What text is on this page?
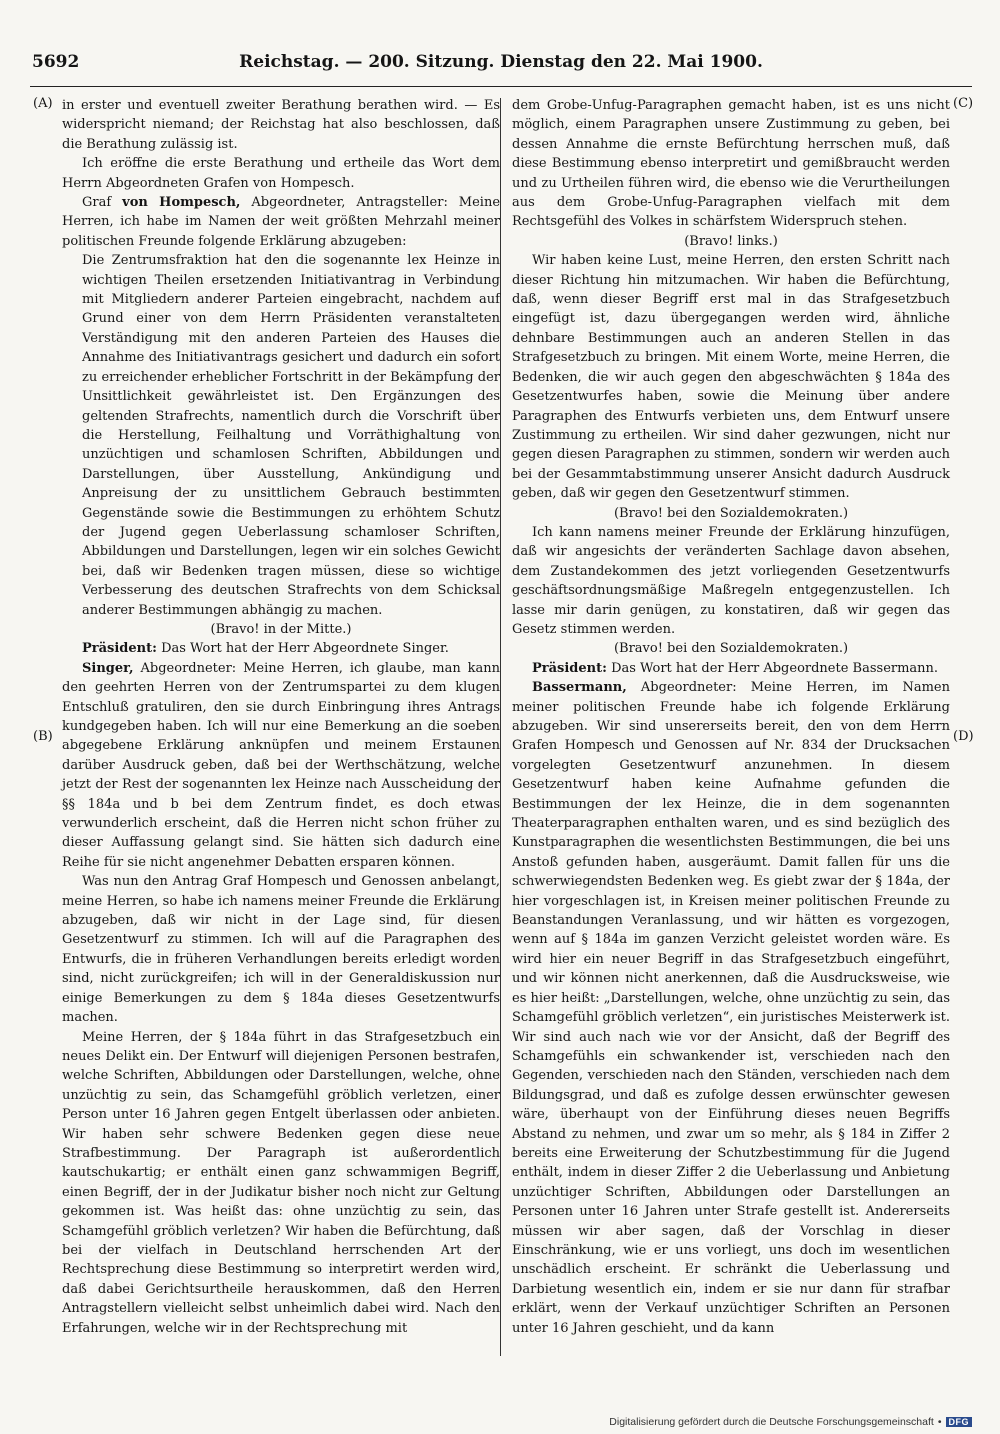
5692	Reichstag. — 200. Sitzung. Dienstag den 22. Mai 1900.
(A)
(B)
(C)
(D)

in erster und eventuell zweiter Berathung berathen wird. — Es widerspricht niemand; der Reichstag hat also beschlossen, daß die Berathung zulässig ist.

Ich eröffne die erste Berathung und ertheile das Wort dem Herrn Abgeordneten Grafen von Hompesch.

Graf von Hompesch, Abgeordneter, Antragsteller: Meine Herren, ich habe im Namen der weit größten Mehrzahl meiner politischen Freunde folgende Erklärung abzugeben:

Die Zentrumsfraktion hat den die sogenannte lex Heinze in wichtigen Theilen ersetzenden Initiativantrag in Verbindung mit Mitgliedern anderer Parteien eingebracht, nachdem auf Grund einer von dem Herrn Präsidenten veranstalteten Verständigung mit den anderen Parteien des Hauses die Annahme des Initiativantrags gesichert und dadurch ein sofort zu erreichender erheblicher Fortschritt in der Bekämpfung der Unsittlichkeit gewährleistet ist. Den Ergänzungen des geltenden Strafrechts, namentlich durch die Vorschrift über die Herstellung, Feilhaltung und Vorräthighaltung von unzüchtigen und schamlosen Schriften, Abbildungen und Darstellungen, über Ausstellung, Ankündigung und Anpreisung der zu unsittlichem Gebrauch bestimmten Gegenstände sowie die Bestimmungen zu erhöhtem Schutz der Jugend gegen Ueberlassung schamloser Schriften, Abbildungen und Darstellungen, legen wir ein solches Gewicht bei, daß wir Bedenken tragen müssen, diese so wichtige Verbesserung des deutschen Strafrechts von dem Schicksal anderer Bestimmungen abhängig zu machen.

(Bravo! in der Mitte.)

Präsident: Das Wort hat der Herr Abgeordnete Singer.

Singer, Abgeordneter: Meine Herren, ich glaube, man kann den geehrten Herren von der Zentrumspartei zu dem klugen Entschluß gratuliren, den sie durch Einbringung ihres Antrags kundgegeben haben. Ich will nur eine Bemerkung an die soeben abgegebene Erklärung anknüpfen und meinem Erstaunen darüber Ausdruck geben, daß bei der Werthschätzung, welche jetzt der Rest der sogenannten lex Heinze nach Ausscheidung der §§ 184a und b bei dem Zentrum findet, es doch etwas verwunderlich erscheint, daß die Herren nicht schon früher zu dieser Auffassung gelangt sind. Sie hätten sich dadurch eine Reihe für sie nicht angenehmer Debatten ersparen können.

Was nun den Antrag Graf Hompesch und Genossen anbelangt, meine Herren, so habe ich namens meiner Freunde die Erklärung abzugeben, daß wir nicht in der Lage sind, für diesen Gesetzentwurf zu stimmen. Ich will auf die Paragraphen des Entwurfs, die in früheren Verhandlungen bereits erledigt worden sind, nicht zurückgreifen; ich will in der Generaldiskussion nur einige Bemerkungen zu dem § 184a dieses Gesetzentwurfs machen.

Meine Herren, der § 184a führt in das Strafgesetzbuch ein neues Delikt ein. Der Entwurf will diejenigen Personen bestrafen, welche Schriften, Abbildungen oder Darstellungen, welche, ohne unzüchtig zu sein, das Schamgefühl gröblich verletzen, einer Person unter 16 Jahren gegen Entgelt überlassen oder anbieten. Wir haben sehr schwere Bedenken gegen diese neue Strafbestimmung. Der Paragraph ist außerordentlich kautschukartig; er enthält einen ganz schwammigen Begriff, einen Begriff, der in der Judikatur bisher noch nicht zur Geltung gekommen ist. Was heißt das: ohne unzüchtig zu sein, das Schamgefühl gröblich verletzen? Wir haben die Befürchtung, daß bei der vielfach in Deutschland herrschenden Art der Rechtsprechung diese Bestimmung so interpretirt werden wird, daß dabei Gerichtsurtheile herauskommen, daß den Herren Antragstellern vielleicht selbst unheimlich dabei wird. Nach den Erfahrungen, welche wir in der Rechtsprechung mit

dem Grobe-Unfug-Paragraphen gemacht haben, ist es uns nicht möglich, einem Paragraphen unsere Zustimmung zu geben, bei dessen Annahme die ernste Befürchtung herrschen muß, daß diese Bestimmung ebenso interpretirt und gemißbraucht werden und zu Urtheilen führen wird, die ebenso wie die Verurtheilungen aus dem Grobe-Unfug-Paragraphen vielfach mit dem Rechtsgefühl des Volkes in schärfstem Widerspruch stehen.

(Bravo! links.)

Wir haben keine Lust, meine Herren, den ersten Schritt nach dieser Richtung hin mitzumachen. Wir haben die Befürchtung, daß, wenn dieser Begriff erst mal in das Strafgesetzbuch eingefügt ist, dazu übergegangen werden wird, ähnliche dehnbare Bestimmungen auch an anderen Stellen in das Strafgesetzbuch zu bringen. Mit einem Worte, meine Herren, die Bedenken, die wir auch gegen den abgeschwächten § 184a des Gesetzentwurfes haben, sowie die Meinung über andere Paragraphen des Entwurfs verbieten uns, dem Entwurf unsere Zustimmung zu ertheilen. Wir sind daher gezwungen, nicht nur gegen diesen Paragraphen zu stimmen, sondern wir werden auch bei der Gesammtabstimmung unserer Ansicht dadurch Ausdruck geben, daß wir gegen den Gesetzentwurf stimmen.

(Bravo! bei den Sozialdemokraten.)

Ich kann namens meiner Freunde der Erklärung hinzufügen, daß wir angesichts der veränderten Sachlage davon absehen, dem Zustandekommen des jetzt vorliegenden Gesetzentwurfs geschäftsordnungsmäßige Maßregeln entgegenzustellen. Ich lasse mir darin genügen, zu konstatiren, daß wir gegen das Gesetz stimmen werden.

(Bravo! bei den Sozialdemokraten.)

Präsident: Das Wort hat der Herr Abgeordnete Bassermann.

Bassermann, Abgeordneter: Meine Herren, im Namen meiner politischen Freunde habe ich folgende Erklärung abzugeben. Wir sind unsererseits bereit, den von dem Herrn Grafen Hompesch und Genossen auf Nr. 834 der Drucksachen vorgelegten Gesetzentwurf anzunehmen. In diesem Gesetzentwurf haben keine Aufnahme gefunden die Bestimmungen der lex Heinze, die in dem sogenannten Theaterparagraphen enthalten waren, und es sind bezüglich des Kunstparagraphen die wesentlichsten Bestimmungen, die bei uns Anstoß gefunden haben, ausgeräumt. Damit fallen für uns die schwerwiegendsten Bedenken weg. Es giebt zwar der § 184a, der hier vorgeschlagen ist, in Kreisen meiner politischen Freunde zu Beanstandungen Veranlassung, und wir hätten es vorgezogen, wenn auf § 184a im ganzen Verzicht geleistet worden wäre. Es wird hier ein neuer Begriff in das Strafgesetzbuch eingeführt, und wir können nicht anerkennen, daß die Ausdrucksweise, wie es hier heißt: „Darstellungen, welche, ohne unzüchtig zu sein, das Schamgefühl gröblich verletzen“, ein juristisches Meisterwerk ist. Wir sind auch nach wie vor der Ansicht, daß der Begriff des Schamgefühls ein schwankender ist, verschieden nach den Gegenden, verschieden nach den Ständen, verschieden nach dem Bildungsgrad, und daß es zufolge dessen erwünschter gewesen wäre, überhaupt von der Einführung dieses neuen Begriffs Abstand zu nehmen, und zwar um so mehr, als § 184 in Ziffer 2 bereits eine Erweiterung der Schutzbestimmung für die Jugend enthält, indem in dieser Ziffer 2 die Ueberlassung und Anbietung unzüchtiger Schriften, Abbildungen oder Darstellungen an Personen unter 16 Jahren unter Strafe gestellt ist. Andererseits müssen wir aber sagen, daß der Vorschlag in dieser Einschränkung, wie er uns vorliegt, uns doch im wesentlichen unschädlich erscheint. Er schränkt die Ueberlassung und Darbietung wesentlich ein, indem er sie nur dann für strafbar erklärt, wenn der Verkauf unzüchtiger Schriften an Personen unter 16 Jahren geschieht, und da kann

Digitalisierung gefördert durch die Deutsche Forschungsgemeinschaft • DFG
